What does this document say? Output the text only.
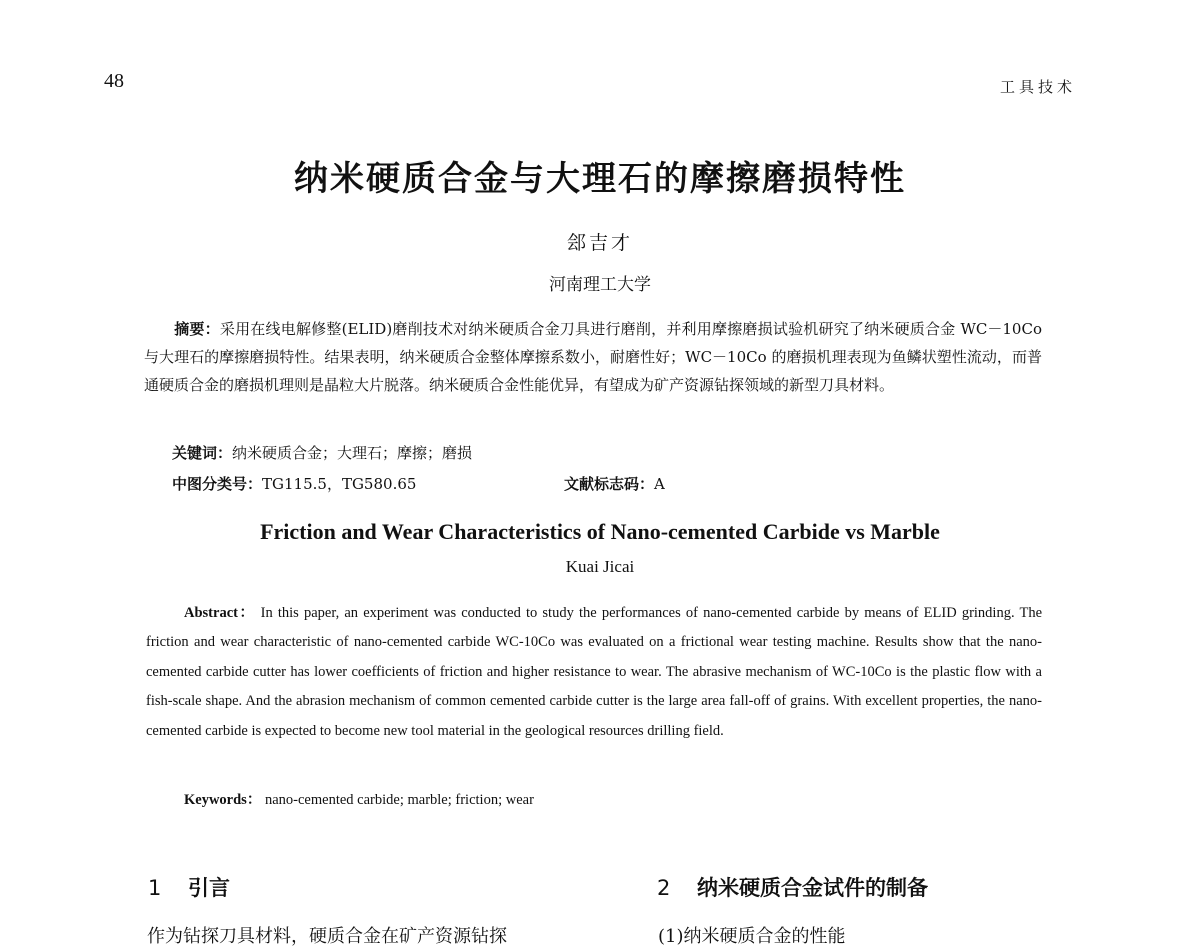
48	工具技术
纳米硬质合金与大理石的摩擦磨损特性
郐吉才
河南理工大学
摘要：采用在线电解修整(ELID)磨削技术对纳米硬质合金刀具进行磨削，并利用摩擦磨损试验机研究了纳米硬质合金 WC－10Co 与大理石的摩擦磨损特性。结果表明，纳米硬质合金整体摩擦系数小，耐磨性好；WC－10Co 的磨损机理表现为鱼鳞状塑性流动，而普通硬质合金的磨损机理则是晶粒大片脱落。纳米硬质合金性能优异，有望成为矿产资源钻探领域的新型刀具材料。
关键词：纳米硬质合金；大理石；摩擦；磨损
中图分类号：TG115.5，TG580.65	文献标志码：A
Friction and Wear Characteristics of Nano-cemented Carbide vs Marble
Kuai Jicai
Abstract： In this paper, an experiment was conducted to study the performances of nano-cemented carbide by means of ELID grinding. The friction and wear characteristic of nano-cemented carbide WC-10Co was evaluated on a frictional wear testing machine. Results show that the nano-cemented carbide cutter has lower coefficients of friction and higher resistance to wear. The abrasive mechanism of WC-10Co is the plastic flow with a fish-scale shape. And the abrasion mechanism of common cemented carbide cutter is the large area fall-off of grains. With excellent properties, the nano-cemented carbide is expected to become new tool material in the geological resources drilling field.
Keywords： nano-cemented carbide; marble; friction; wear
1 引言	2 纳米硬质合金试件的制备
作为钻探刀具材料，硬质合金在矿产资源钻探	(1)纳米硬质合金的性能
